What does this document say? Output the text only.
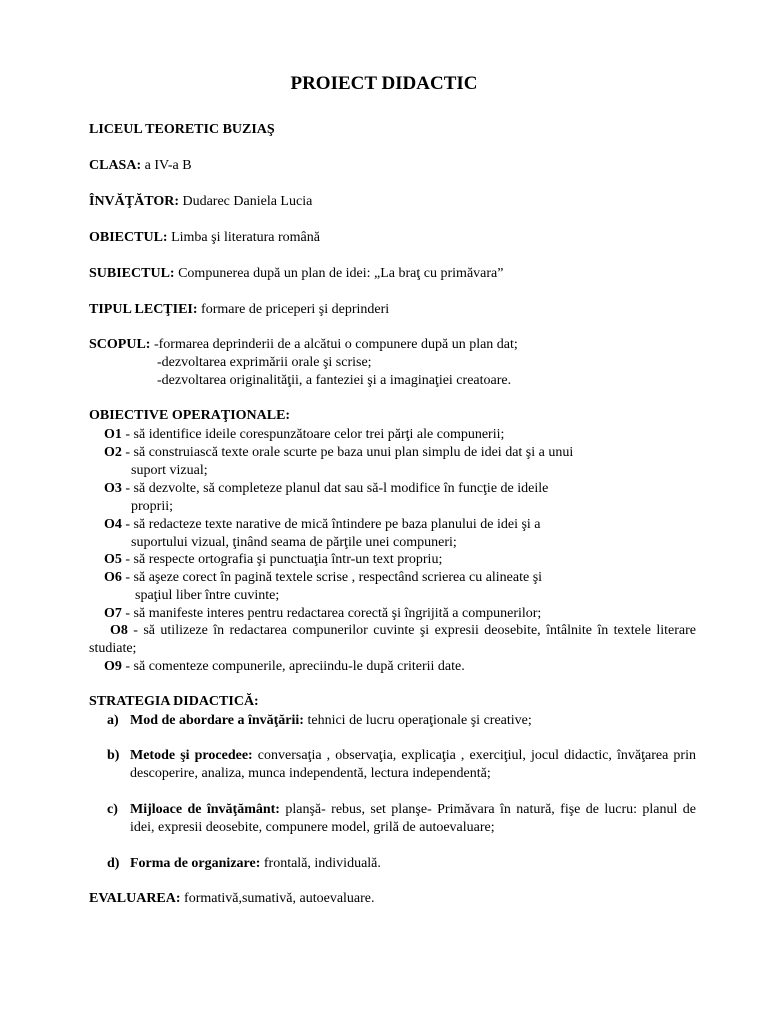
PROIECT DIDACTIC
LICEUL TEORETIC BUZIAŞ
CLASA: a IV-a B
ÎNVĂŢĂTOR: Dudarec Daniela Lucia
OBIECTUL: Limba şi literatura română
SUBIECTUL: Compunerea după un plan de idei: „La braţ cu primăvara”
TIPUL LECŢIEI: formare de priceperi şi deprinderi
SCOPUL: -formarea deprinderii de a alcătui o compunere după un plan dat;
-dezvoltarea exprimării orale şi scrise;
-dezvoltarea originalităţii, a fanteziei şi a imaginaţiei creatoare.
OBIECTIVE OPERAŢIONALE:
O1 - să identifice ideile corespunzătoare celor trei părţi ale compunerii;
O2 - să construiască texte orale scurte pe baza unui plan simplu de idei dat şi a unui
suport vizual;
O3 - să dezvolte, să completeze planul dat sau să-l modifice în funcţie de ideile
proprii;
O4 - să redacteze texte narative de mică întindere pe baza planului de idei şi a
suportului vizual, ţinând seama de părţile unei compuneri;
O5 - să respecte ortografia şi punctuaţia într-un text propriu;
O6 - să aşeze corect în pagină textele scrise , respectând scrierea cu alineate şi
spaţiul liber între cuvinte;
O7 - să manifeste interes pentru redactarea corectă şi îngrijită a compunerilor;
O8 - să utilizeze în redactarea compunerilor cuvinte şi expresii deosebite, întâlnite în textele literare studiate;
O9 - să comenteze compunerile, apreciindu-le după criterii date.
STRATEGIA DIDACTICĂ:
a) Mod de abordare a învăţării: tehnici de lucru operaţionale şi creative;
b) Metode şi procedee: conversaţia , observaţia, explicaţia , exerciţiul, jocul didactic, învăţarea prin descoperire, analiza, munca independentă, lectura independentă;
c) Mijloace de învăţământ: planşă- rebus, set planşe- Primăvara în natură, fişe de lucru: planul de idei, expresii deosebite, compunere model, grilă de autoevaluare;
d) Forma de organizare: frontală, individuală.
EVALUAREA: formativă,sumativă, autoevaluare.
